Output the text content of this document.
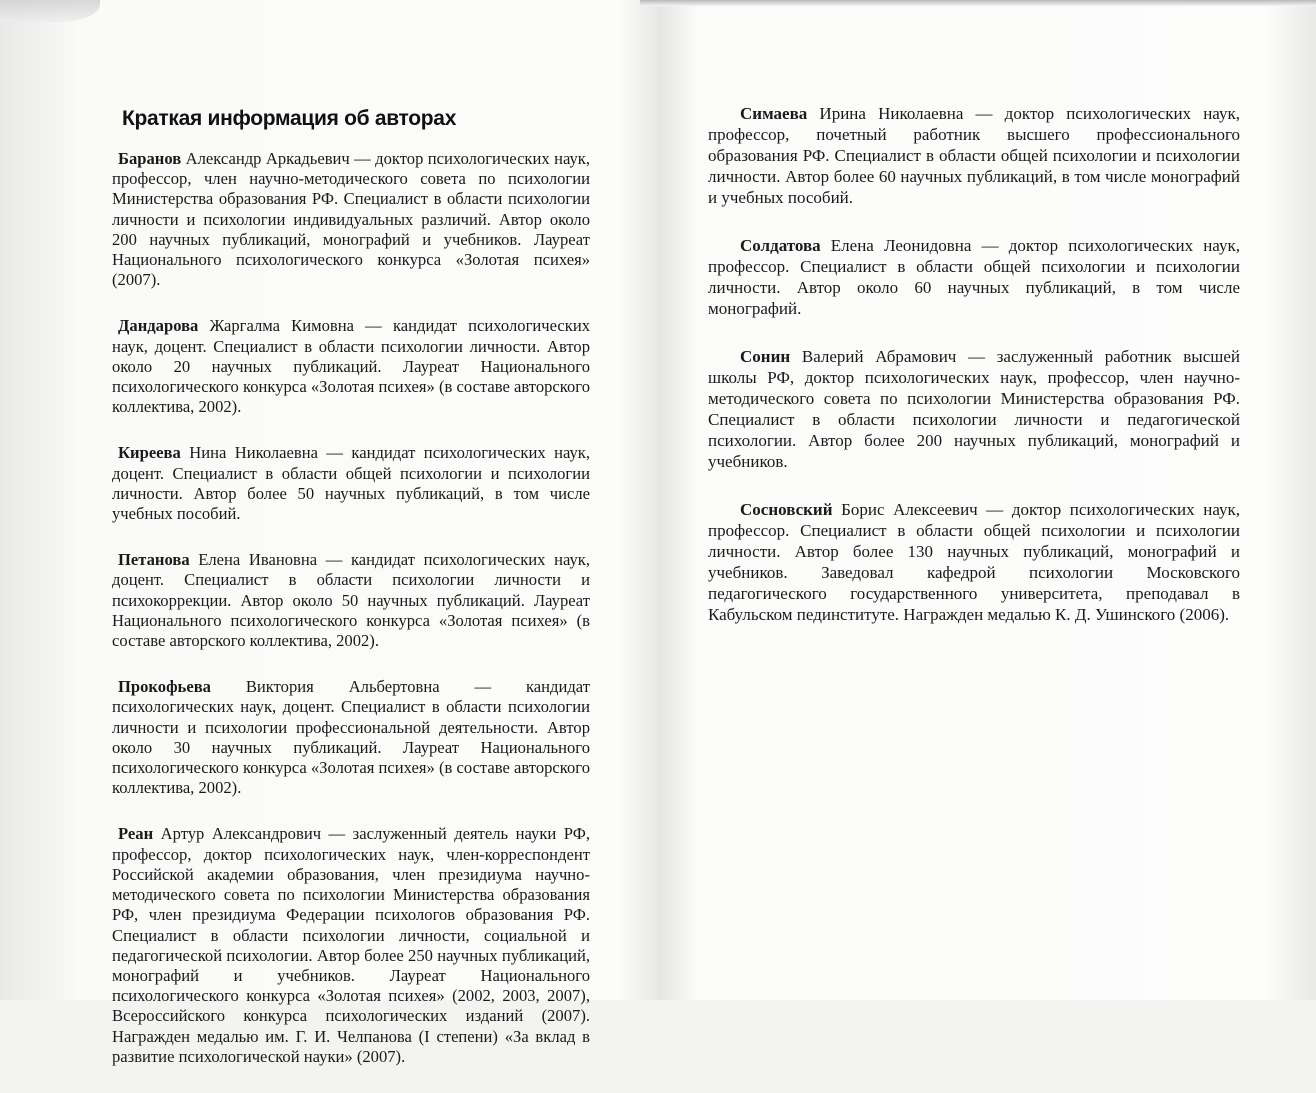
Краткая информация об авторах

Баранов Александр Аркадьевич — доктор психологических наук, профессор, член научно-методического совета по психологии Министерства образования РФ. Специалист в области психологии личности и психологии индивидуальных различий. Автор около 200 научных публикаций, монографий и учебников. Лауреат Национального психологического конкурса «Золотая психея» (2007).

Дандарова Жаргалма Кимовна — кандидат психологических наук, доцент. Специалист в области психологии личности. Автор около 20 научных публикаций. Лауреат Национального психологического конкурса «Золотая психея» (в составе авторского коллектива, 2002).

Киреева Нина Николаевна — кандидат психологических наук, доцент. Специалист в области общей психологии и психологии личности. Автор более 50 научных публикаций, в том числе учебных пособий.

Петанова Елена Ивановна — кандидат психологических наук, доцент. Специалист в области психологии личности и психокоррекции. Автор около 50 научных публикаций. Лауреат Национального психологического конкурса «Золотая психея» (в составе авторского коллектива, 2002).

Прокофьева Виктория Альбертовна — кандидат психологических наук, доцент. Специалист в области психологии личности и психологии профессиональной деятельности. Автор около 30 научных публикаций. Лауреат Национального психологического конкурса «Золотая психея» (в составе авторского коллектива, 2002).

Реан Артур Александрович — заслуженный деятель науки РФ, профессор, доктор психологических наук, член-корреспондент Российской академии образования, член президиума научно-методического совета по психологии Министерства образования РФ, член президиума Федерации психологов образования РФ. Специалист в области психологии личности, социальной и педагогической психологии. Автор более 250 научных публикаций, монографий и учебников. Лауреат Национального психологического конкурса «Золотая психея» (2002, 2003, 2007), Всероссийского конкурса психологических изданий (2007). Награжден медалью им. Г. И. Челпанова (I степени) «За вклад в развитие психологической науки» (2007).

Симаева Ирина Николаевна — доктор психологических наук, профессор, почетный работник высшего профессионального образования РФ. Специалист в области общей психологии и психологии личности. Автор более 60 научных публикаций, в том числе монографий и учебных пособий.

Солдатова Елена Леонидовна — доктор психологических наук, профессор. Специалист в области общей психологии и психологии личности. Автор около 60 научных публикаций, в том числе монографий.

Сонин Валерий Абрамович — заслуженный работник высшей школы РФ, доктор психологических наук, профессор, член научно-методического совета по психологии Министерства образования РФ. Специалист в области психологии личности и педагогической психологии. Автор более 200 научных публикаций, монографий и учебников.

Сосновский Борис Алексеевич — доктор психологических наук, профессор. Специалист в области общей психологии и психологии личности. Автор более 130 научных публикаций, монографий и учебников. Заведовал кафедрой психологии Московского педагогического государственного университета, преподавал в Кабульском пединституте. Награжден медалью К. Д. Ушинского (2006).
